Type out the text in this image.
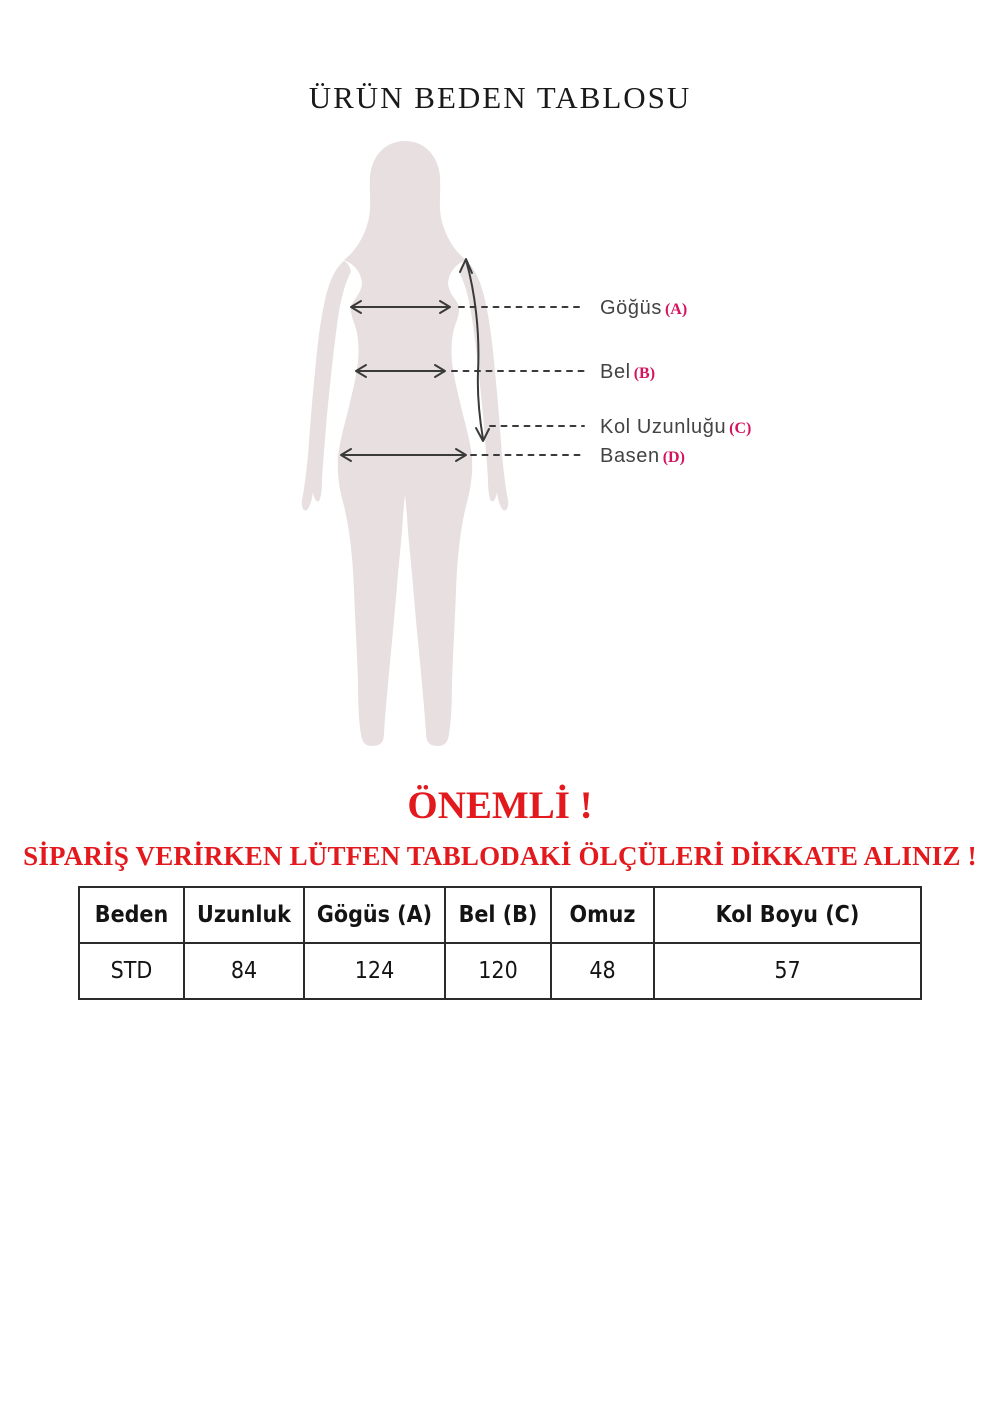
ÜRÜN BEDEN TABLOSU
Göğüs (A)
Bel (B)
Kol Uzunluğu (C)
Basen (D)
ÖNEMLİ !
SİPARİŞ VERİRKEN LÜTFEN TABLODAKİ ÖLÇÜLERİ DİKKATE ALINIZ !
Beden	Uzunluk	Gögüs (A)	Bel (B)	Omuz	Kol Boyu (C)
STD	84	124	120	48	57
